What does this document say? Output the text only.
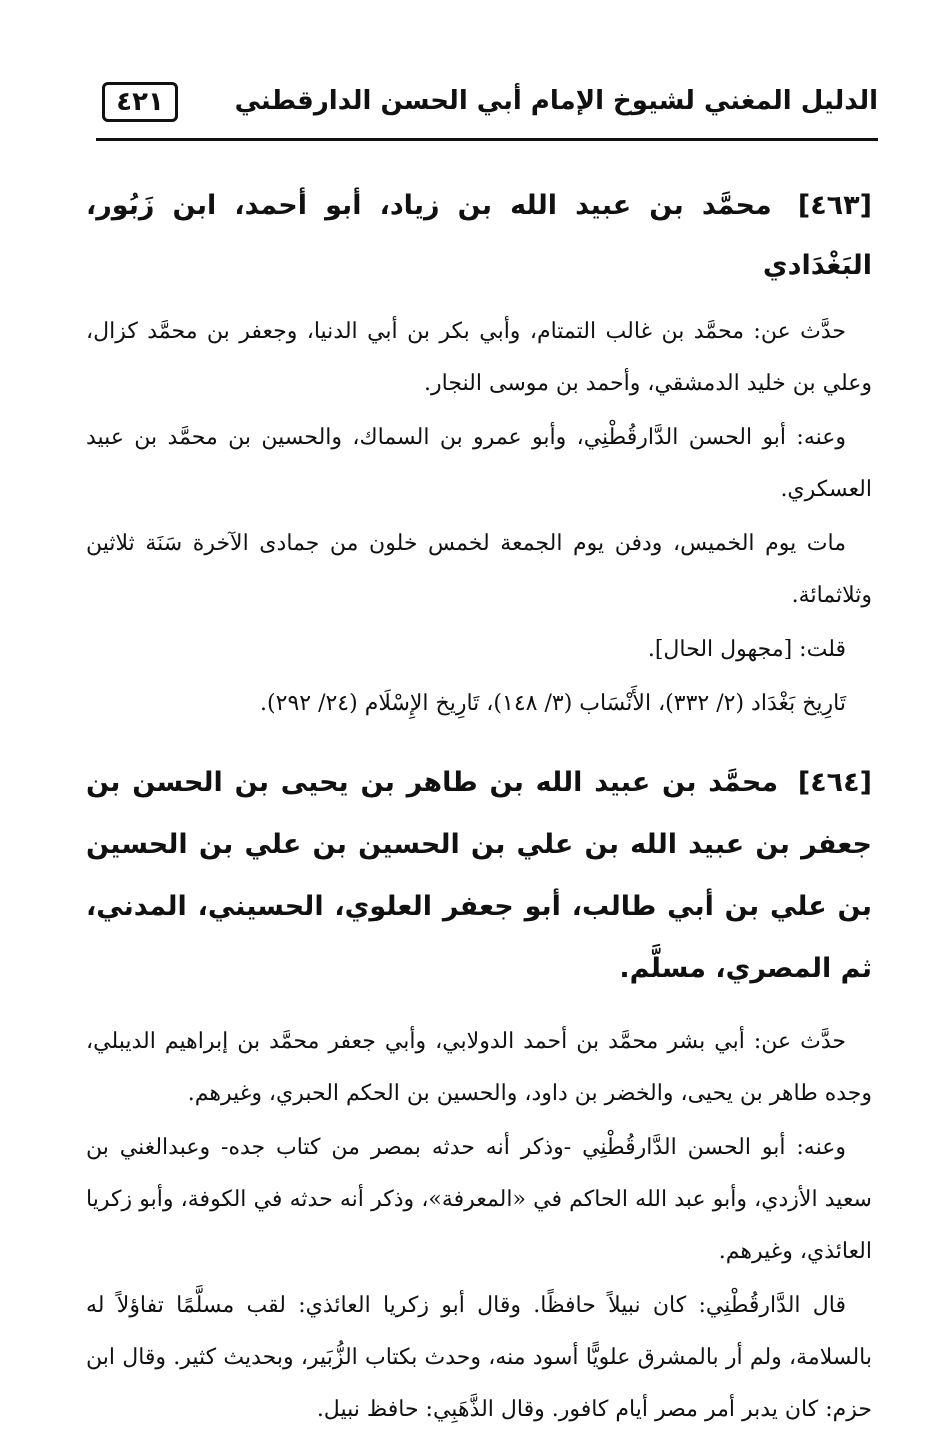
الدليل المغني لشيوخ الإمام أبي الحسن الدارقطني
٤٢١
[٤٦٣] محمَّد بن عبيد الله بن زياد، أبو أحمد، ابن زَبُور، البَغْدَادي

حدَّث عن: محمَّد بن غالب التمتام، وأبي بكر بن أبي الدنيا، وجعفر بن محمَّد كزال، وعلي بن خليد الدمشقي، وأحمد بن موسى النجار.

وعنه: أبو الحسن الدَّارقُطْنِي، وأبو عمرو بن السماك، والحسين بن محمَّد بن عبيد العسكري.

مات يوم الخميس، ودفن يوم الجمعة لخمس خلون من جمادى الآخرة سَنَة ثلاثين وثلاثمائة.

قلت: [مجهول الحال].

تَارِيخ بَغْدَاد (٢/ ٣٣٢)، الأَنْسَاب (٣/ ١٤٨)، تَارِيخ الإِسْلَام (٢٤/ ٢٩٢).

[٤٦٤] محمَّد بن عبيد الله بن طاهر بن يحيى بن الحسن بن جعفر بن عبيد الله بن علي بن الحسين بن علي بن الحسين بن علي بن أبي طالب، أبو جعفر العلوي، الحسيني، المدني، ثم المصري، مسلَّم.

حدَّث عن: أبي بشر محمَّد بن أحمد الدولابي، وأبي جعفر محمَّد بن إبراهيم الديبلي، وجده طاهر بن يحيى، والخضر بن داود، والحسين بن الحكم الحبري، وغيرهم.

وعنه: أبو الحسن الدَّارقُطْنِي -وذكر أنه حدثه بمصر من كتاب جده- وعبدالغني بن سعيد الأزدي، وأبو عبد الله الحاكم في «المعرفة»، وذكر أنه حدثه في الكوفة، وأبو زكريا العائذي، وغيرهم.

قال الدَّارقُطْنِي: كان نبيلاً حافظًا. وقال أبو زكريا العائذي: لقب مسلَّمًا تفاؤلاً له بالسلامة، ولم أر بالمشرق علويًّا أسود منه، وحدث بكتاب الزُّبَير، وبحديث كثير. وقال ابن حزم: كان يدبر أمر مصر أيام كافور. وقال الذَّهَبِي: حافظ نبيل.
